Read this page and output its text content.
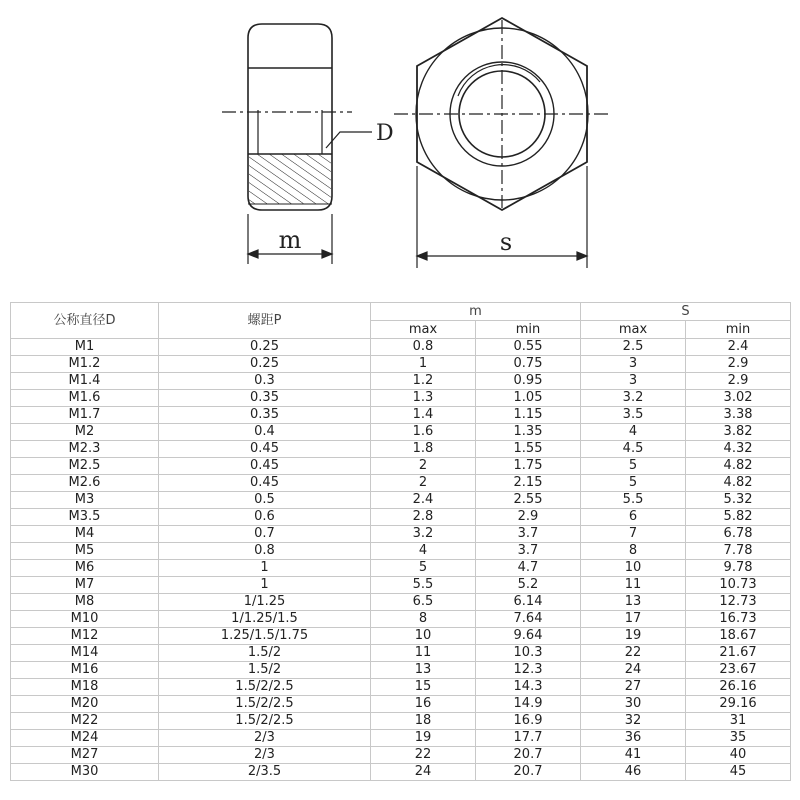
D
m	s
公称直径D	螺距P	m		S	
		max	min	max	min
M1	0.25	0.8	0.55	2.5	2.4
M1.2	0.25	1	0.75	3	2.9
M1.4	0.3	1.2	0.95	3	2.9
M1.6	0.35	1.3	1.05	3.2	3.02
M1.7	0.35	1.4	1.15	3.5	3.38
M2	0.4	1.6	1.35	4	3.82
M2.3	0.45	1.8	1.55	4.5	4.32
M2.5	0.45	2	1.75	5	4.82
M2.6	0.45	2	2.15	5	4.82
M3	0.5	2.4	2.55	5.5	5.32
M3.5	0.6	2.8	2.9	6	5.82
M4	0.7	3.2	3.7	7	6.78
M5	0.8	4	3.7	8	7.78
M6	1	5	4.7	10	9.78
M7	1	5.5	5.2	11	10.73
M8	1/1.25	6.5	6.14	13	12.73
M10	1/1.25/1.5	8	7.64	17	16.73
M12	1.25/1.5/1.75	10	9.64	19	18.67
M14	1.5/2	11	10.3	22	21.67
M16	1.5/2	13	12.3	24	23.67
M18	1.5/2/2.5	15	14.3	27	26.16
M20	1.5/2/2.5	16	14.9	30	29.16
M22	1.5/2/2.5	18	16.9	32	31
M24	2/3	19	17.7	36	35
M27	2/3	22	20.7	41	40
M30	2/3.5	24	20.7	46	45
